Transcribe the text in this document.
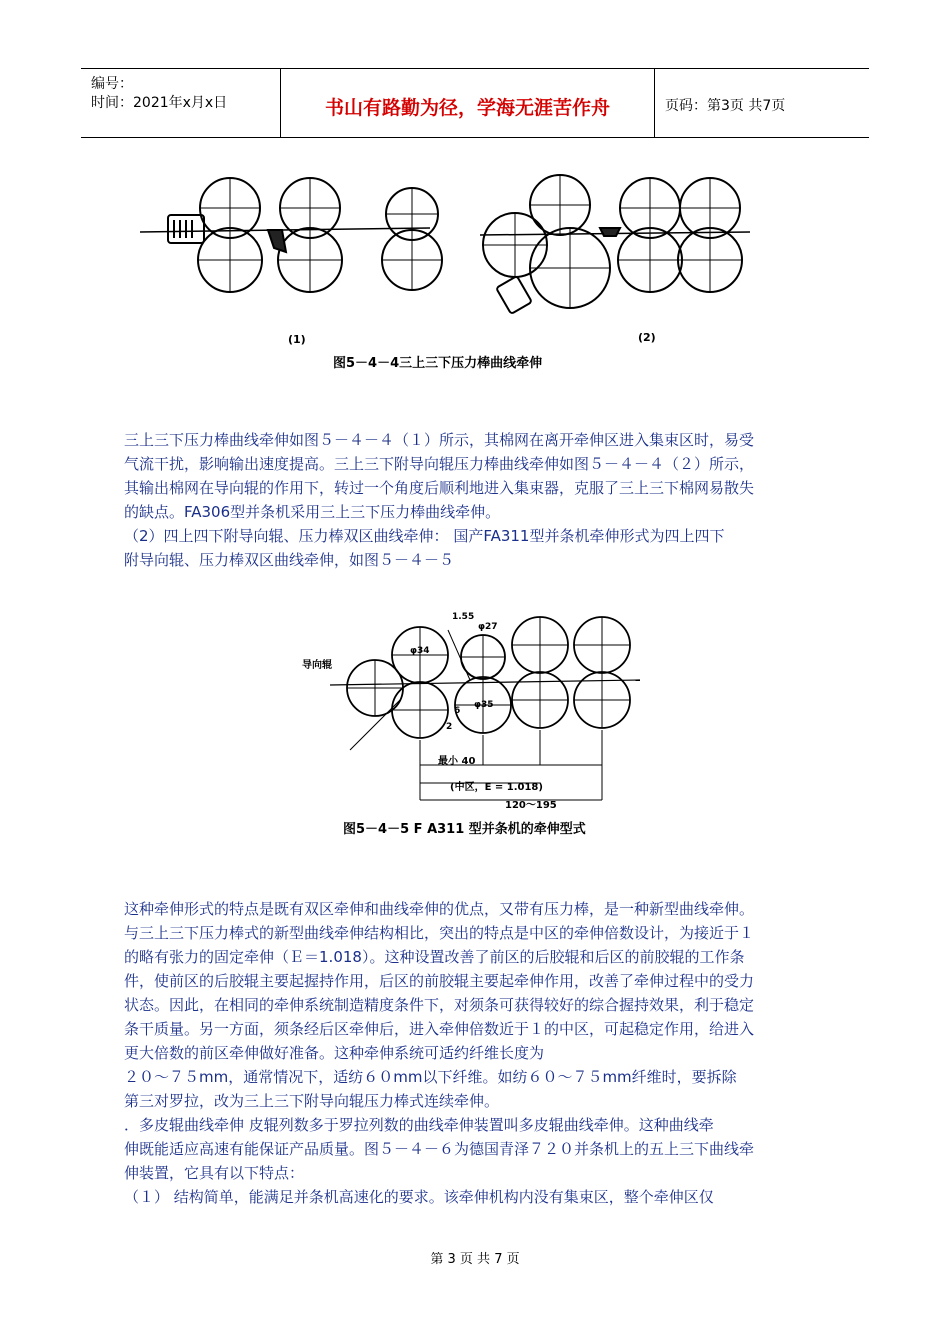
编号：
时间：2021年x月x日	书山有路勤为径，学海无涯苦作舟	页码：第3页 共7页
(1)	(2)
图5－4－4三上三下压力棒曲线牵伸
三上三下压力棒曲线牵伸如图５－４－４（１）所示，其棉网在离开牵伸区进入集束区时，易受
气流干扰，影响输出速度提高。三上三下附导向辊压力棒曲线牵伸如图５－４－４（２）所示，
其输出棉网在导向辊的作用下，转过一个角度后顺利地进入集束器，克服了三上三下棉网易散失
的缺点。FA306型并条机采用三上三下压力棒曲线牵伸。
（2）四上四下附导向辊、压力棒双区曲线牵伸： 国产FA311型并条机牵伸形式为四上四下
附导向辊、压力棒双区曲线牵伸，如图５－４－５
导向辊
φ34
φ35
φ27
1.55
2
6
最小 40
(中区，E = 1.018)
120～195
图5－4－5 F A311 型并条机的牵伸型式
这种牵伸形式的特点是既有双区牵伸和曲线牵伸的优点，又带有压力棒，是一种新型曲线牵伸。
与三上三下压力棒式的新型曲线牵伸结构相比，突出的特点是中区的牵伸倍数设计，为接近于１
的略有张力的固定牵伸（Ｅ＝1.018）。这种设置改善了前区的后胶辊和后区的前胶辊的工作条
件，使前区的后胶辊主要起握持作用，后区的前胶辊主要起牵伸作用，改善了牵伸过程中的受力
状态。因此，在相同的牵伸系统制造精度条件下，对须条可获得较好的综合握持效果，利于稳定
条干质量。另一方面，须条经后区牵伸后，进入牵伸倍数近于１的中区，可起稳定作用，给进入
更大倍数的前区牵伸做好准备。这种牵伸系统可适约纤维长度为
２０～７５mm，通常情况下，适纺６０mm以下纤维。如纺６０～７５mm纤维时，要拆除
第三对罗拉，改为三上三下附导向辊压力棒式连续牵伸。
．多皮辊曲线牵伸 皮辊列数多于罗拉列数的曲线牵伸装置叫多皮辊曲线牵伸。这种曲线牵
伸既能适应高速有能保证产品质量。图５－４－６为德国青泽７２０并条机上的五上三下曲线牵
伸装置，它具有以下特点：
（１） 结构简单，能满足并条机高速化的要求。该牵伸机构内没有集束区，整个牵伸区仅
第 3 页 共 7 页
